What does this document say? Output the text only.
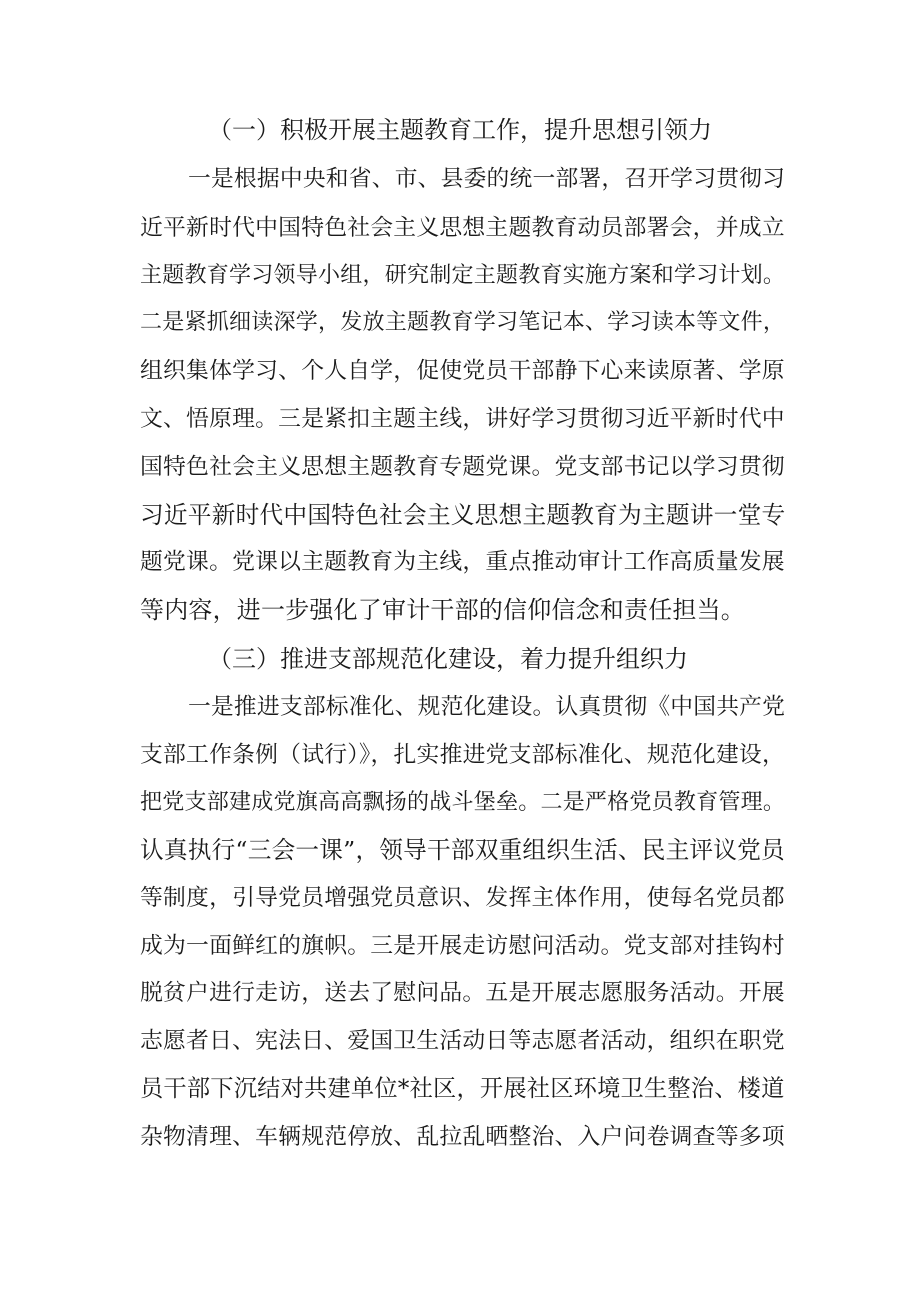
（一）积极开展主题教育工作，提升思想引领力
一是根据中央和省、市、县委的统一部署，召开学习贯彻习
近平新时代中国特色社会主义思想主题教育动员部署会，并成立
主题教育学习领导小组，研究制定主题教育实施方案和学习计划。
二是紧抓细读深学，发放主题教育学习笔记本、学习读本等文件，
组织集体学习、个人自学，促使党员干部静下心来读原著、学原
文、悟原理。三是紧扣主题主线，讲好学习贯彻习近平新时代中
国特色社会主义思想主题教育专题党课。党支部书记以学习贯彻
习近平新时代中国特色社会主义思想主题教育为主题讲一堂专
题党课。党课以主题教育为主线，重点推动审计工作高质量发展
等内容，进一步强化了审计干部的信仰信念和责任担当。
（三）推进支部规范化建设，着力提升组织力
一是推进支部标准化、规范化建设。认真贯彻《中国共产党
支部工作条例（试行）》，扎实推进党支部标准化、规范化建设，
把党支部建成党旗高高飘扬的战斗堡垒。二是严格党员教育管理。
认真执行“三会一课”，领导干部双重组织生活、民主评议党员
等制度，引导党员增强党员意识、发挥主体作用，使每名党员都
成为一面鲜红的旗帜。三是开展走访慰问活动。党支部对挂钩村
脱贫户进行走访，送去了慰问品。五是开展志愿服务活动。开展
志愿者日、宪法日、爱国卫生活动日等志愿者活动，组织在职党
员干部下沉结对共建单位*社区，开展社区环境卫生整治、楼道
杂物清理、车辆规范停放、乱拉乱晒整治、入户问卷调查等多项
